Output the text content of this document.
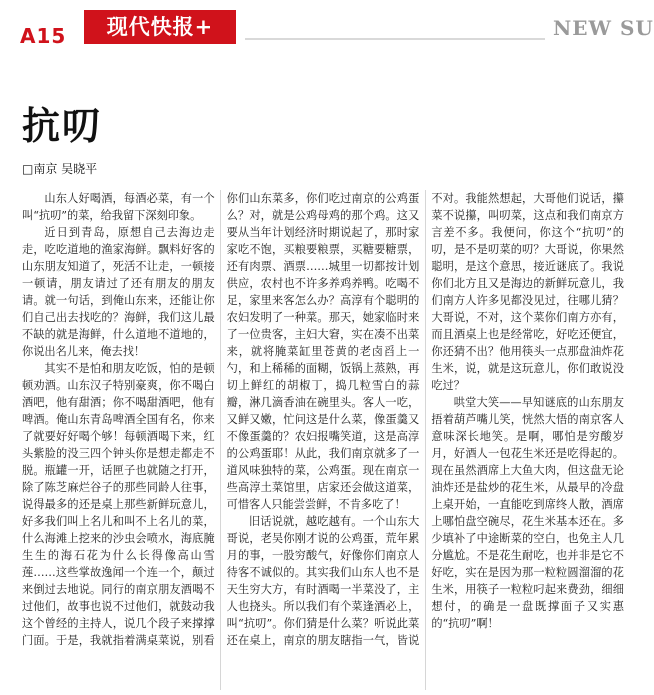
A15	现代快报+	NEW SU
抗叨
□南京 吴晓平

山东人好喝酒，每酒必菜，有一个叫“抗叨”的菜，给我留下深刻印象。

近日到青岛，原想自己去海边走走，吃吃道地的渔家海鲜。飘料好客的山东朋友知道了，死活不让走，一顿接一顿请，朋友请过了还有朋友的朋友请。就一句话，到俺山东来，还能让你们自己出去找吃的？海鲜，我们这儿最不缺的就是海鲜，什么道地不道地的，你说出名儿来，俺去找！

其实不是怕和朋友吃饭，怕的是顿顿劝酒。山东汉子特别豪爽，你不喝白酒吧，他有甜酒；你不喝甜酒吧，他有啤酒。俺山东青岛啤酒全国有名，你来了就要好好喝个够！每顿酒喝下来，红头紫脸的没三四个钟头你是想走都走不脱。瓶罐一开，话匣子也就随之打开，除了陈芝麻烂谷子的那些同龄人往事，说得最多的还是桌上那些新鲜玩意儿，好多我们叫上名儿和叫不上名儿的菜，什么海滩上挖来的沙虫会喷水，海底腌生生的海石花为什么长得像高山雪莲……这些掌故逸闻一个连一个，颠过来倒过去地说。同行的南京朋友酒喝不过他们，故事也说不过他们，就鼓动我这个曾经的主持人，说几个段子来撑撑门面。于是，我就指着满桌菜说，别看你们山东菜多，你们吃过南京的公鸡蛋么？对，就是公鸡母鸡的那个鸡。这又要从当年计划经济时期说起了，那时家家吃不饱，买粮要粮票，买糖要糖票，还有肉票、酒票……城里一切都按计划供应，农村也不许多养鸡养鸭。吃喝不足，家里来客怎么办？高淳有个聪明的农妇发明了一种菜。那天，她家临时来了一位贵客，主妇大窘，实在凑不出菜来，就将腌菜缸里苍黄的老卤舀上一勺，和上稀稀的面糊，饭锅上蒸熟，再切上鲜红的胡椒丁，捣几粒雪白的蒜瓣，淋几滴香油在碗里头。客人一吃，又鲜又嫩，忙问这是什么菜，像蛋羹又不像蛋羹的？农妇报嘴笑道，这是高淳的公鸡蛋耶！从此，我们南京就多了一道风味独特的菜，公鸡蛋。现在南京一些高淳土菜馆里，店家还会做这道菜，可惜客人只能尝尝鲜，不肯多吃了！

旧话说就，越吃越有。一个山东大哥说，老吴你刚才说的公鸡蛋，荒年累月的事，一股穷酸气，好像你们南京人待客不诚似的。其实我们山东人也不是天生穷大方，有时酒喝一半菜没了，主人也挠头。所以我们有个菜逢酒必上，叫“抗叨”。你们猜是什么菜？听说此菜还在桌上，南京的朋友瞎指一气，皆说不对。我能然想起，大哥他们说话，攥菜不说攥，叫叨菜，这点和我们南京方言差不多。我便问，你这个“抗叨”的叨，是不是叨菜的叨？大哥说，你果然聪明，是这个意思，接近谜底了。我说你们北方且又是海边的新鲜玩意儿，我们南方人许多见都没见过，往哪儿猜？大哥说，不对，这个菜你们南方亦有，而且酒桌上也是经常吃，好吃还便宜，你还猜不出？他用筷头一点那盘油炸花生米，说，就是这玩意儿，你们敢说没吃过？

哄堂大笑——早知谜底的山东朋友捂着葫芦嘴儿笑，恍然大悟的南京客人意味深长地笑。是啊，哪怕是穷酸岁月，好酒人一包花生米还是吃得起的。现在虽然酒席上大鱼大肉，但这盘无论油炸还是盐炒的花生米，从最早的冷盘上桌开始，一直能吃到席终人散，酒席上哪怕盘空碗尽，花生米基本还在。多少填补了中途断菜的空白，也免主人几分尴尬。不是花生耐吃，也并非是它不好吃，实在是因为那一粒粒圆溜溜的花生米，用筷子一粒粒叼起来费劲，细细想付，的确是一盘既撑面子又实惠的“抗叨”啊！
